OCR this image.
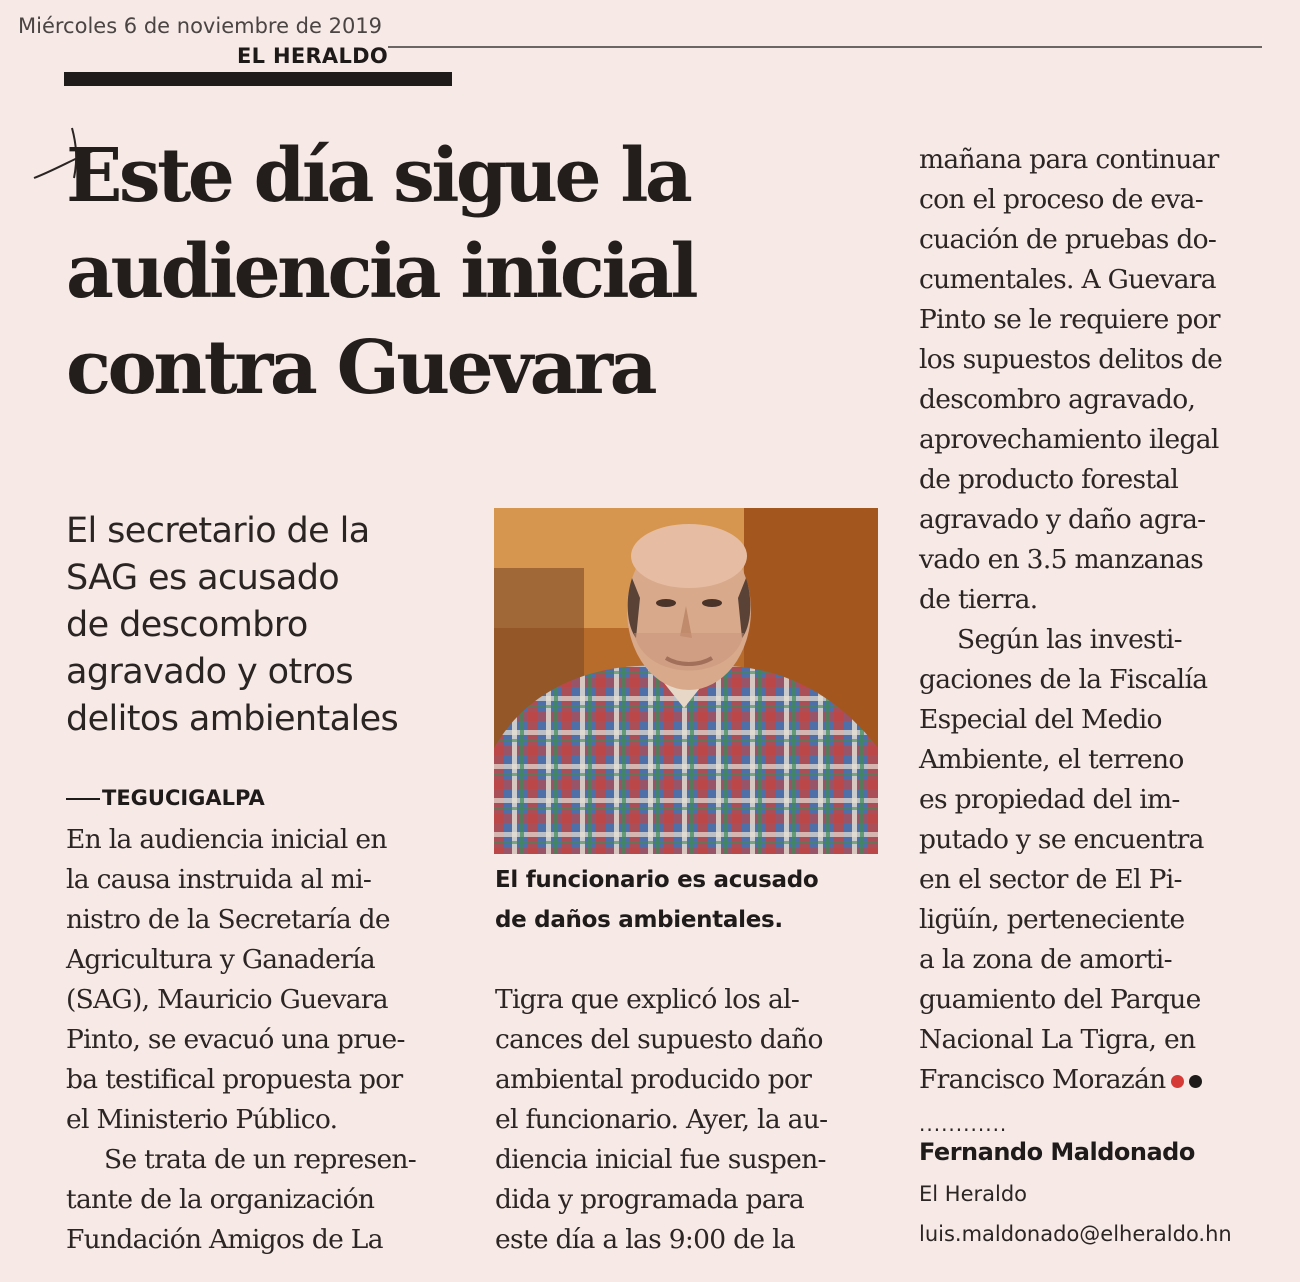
Miércoles 6 de noviembre de 2019
EL HERALDO
Este día sigue la
audiencia inicial
contra Guevara
El secretario de la
SAG es acusado
de descombro
agravado y otros
delitos ambientales
TEGUCIGALPA

En la audiencia inicial en
la causa instruida al mi-
nistro de la Secretaría de
Agricultura y Ganadería
(SAG), Mauricio Guevara
Pinto, se evacuó una prue-
ba testifical propuesta por
el Ministerio Público.

Se trata de un represen-
tante de la organización
Fundación Amigos de La

El funcionario es acusado
de daños ambientales.

Tigra que explicó los al-
cances del supuesto daño
ambiental producido por
el funcionario. Ayer, la au-
diencia inicial fue suspen-
dida y programada para
este día a las 9:00 de la

mañana para continuar
con el proceso de eva-
cuación de pruebas do-
cumentales. A Guevara
Pinto se le requiere por
los supuestos delitos de
descombro agravado,
aprovechamiento ilegal
de producto forestal
agravado y daño agra-
vado en 3.5 manzanas
de tierra.

Según las investi-
gaciones de la Fiscalía
Especial del Medio
Ambiente, el terreno
es propiedad del im-
putado y se encuentra
en el sector de El Pi-
ligüín, perteneciente
a la zona de amorti-
guamiento del Parque
Nacional La Tigra, en
Francisco Morazán

............
Fernando Maldonado
El Heraldo
luis.maldonado@elheraldo.hn
